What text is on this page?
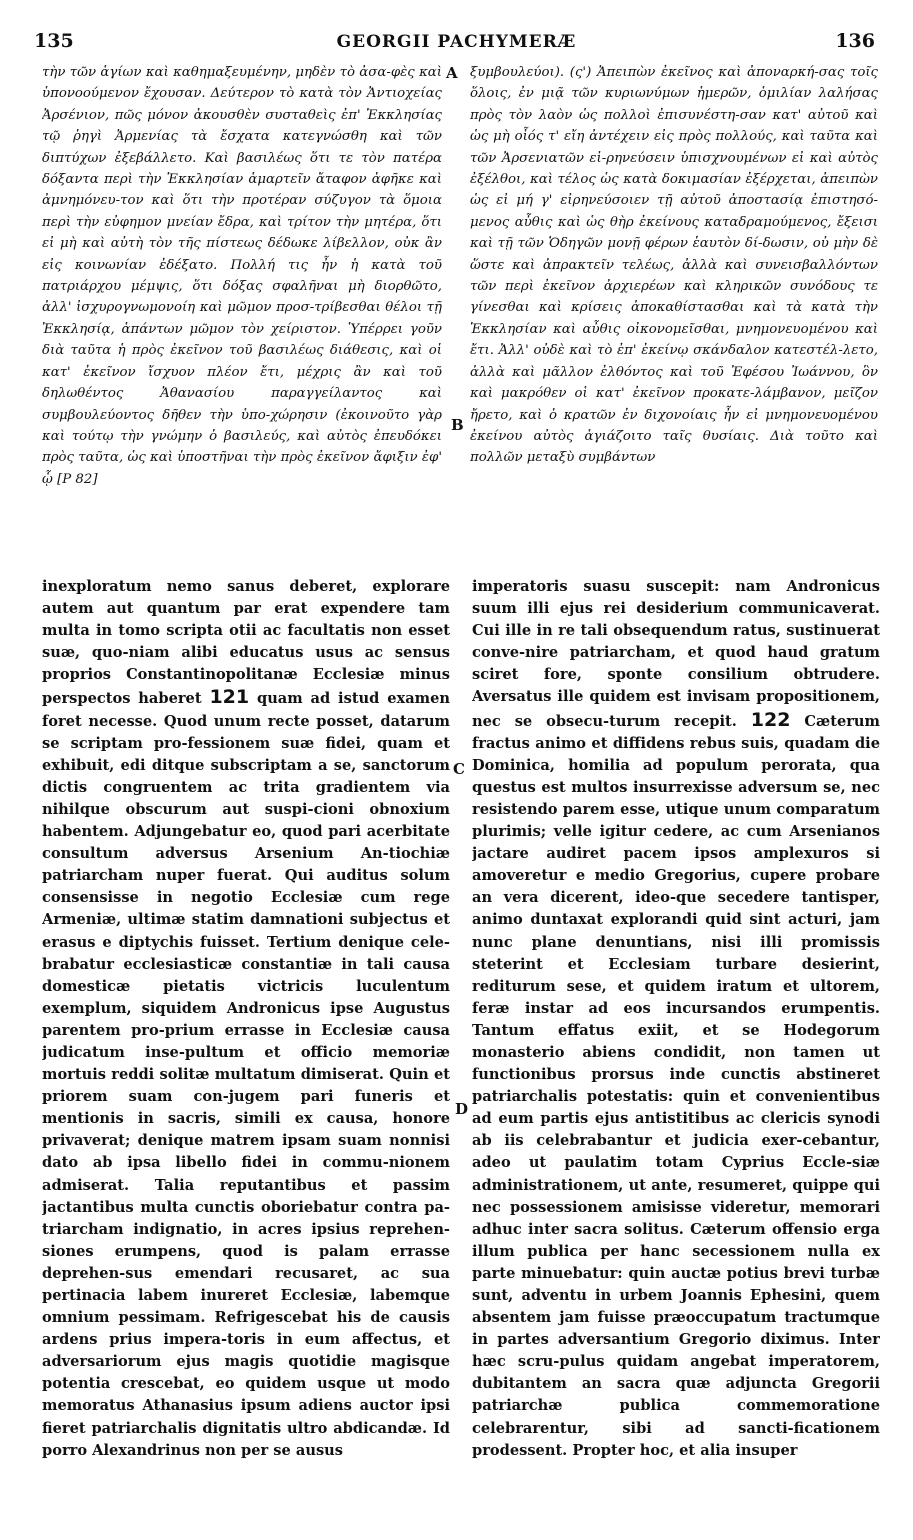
135	GEORGII PACHYMERÆ	136

τὴν τῶν ἁγίων καὶ καθημαξευμένην, μηδὲν τὸ ἀσα-φὲς καὶ ὑπονοούμενον ἔχουσαν. Δεύτερον τὸ κατὰ τὸν Ἀντιοχείας Ἀρσένιον, πῶς μόνον ἀκουσθὲν συσταθεὶς ἐπ' Ἐκκλησίας τῷ ῥηγὶ Ἀρμενίας τὰ ἔσχατα κατεγνώσθη καὶ τῶν διπτύχων ἐξεβάλλετο. Καὶ βασιλέως ὅτι τε τὸν πατέρα δόξαντα περὶ τὴν Ἐκκλησίαν ἁμαρτεῖν ἄταφον ἀφῆκε καὶ ἀμνημόνευ-τον καὶ ὅτι τὴν προτέραν σύζυγον τὰ ὅμοια περὶ τὴν εὐφημον μνείαν ἔδρα, καὶ τρίτον τὴν μητέρα, ὅτι εἰ μὴ καὶ αὐτὴ τὸν τῆς πίστεως δέδωκε λίβελλον, οὐκ ἂν εἰς κοινωνίαν ἐδέξατο. Πολλή τις ἦν ἡ κατὰ τοῦ πατριάρχου μέμψις, ὅτι δόξας σφαλῆναι μὴ διορθῶτο, ἀλλ' ἰσχυρογνωμονοίη καὶ μῶμον προσ-τρίβεσθαι θέλοι τῇ Ἐκκλησίᾳ, ἁπάντων μῶμον τὸν χείριστον. Ὑπέρρει γοῦν διὰ ταῦτα ἡ πρὸς ἐκεῖνον τοῦ βασιλέως διάθεσις, καὶ οἱ κατ' ἐκεῖνον ἴσχυον πλέον ἔτι, μέχρις ἂν καὶ τοῦ δηλωθέντος Ἀθανασίου παραγγείλαντος καὶ συμβουλεύοντος δῆθεν τὴν ὑπο-χώρησιν (ἐκοινοῦτο γὰρ καὶ τούτῳ τὴν γνώμην ὁ βασιλεύς, καὶ αὐτὸς ἐπευδόκει πρὸς ταῦτα, ὡς καὶ ὑποστῆναι τὴν πρὸς ἐκεῖνον ἄφιξιν ἐφ' ᾧ [P 82]

A
B

ξυμβουλεύοι). (ς') Ἀπειπὼν ἐκεῖνος καὶ ἀποναρκή-σας τοῖς ὅλοις, ἐν μιᾷ τῶν κυριωνύμων ἡμερῶν, ὁμιλίαν λαλήσας πρὸς τὸν λαὸν ὡς πολλοὶ ἐπισυνέστη-σαν κατ' αὐτοῦ καὶ ὡς μὴ οἷός τ' εἴη ἀντέχειν εἰς πρὸς πολλούς, καὶ ταῦτα καὶ τῶν Ἀρσενιατῶν εἰ-ρηνεύσειν ὑπισχνουμένων εἰ καὶ αὐτὸς ἐξέλθοι, καὶ τέλος ὡς κατὰ δοκιμασίαν ἐξέρχεται, ἀπειπὼν ὡς εἰ μή γ' εἰρηνεύσοιεν τῇ αὐτοῦ ἀποστασίᾳ ἐπιστησό-μενος αὖθις καὶ ὡς θὴρ ἐκείνους καταδραμούμενος, ἔξεισι καὶ τῇ τῶν Ὁδηγῶν μονῇ φέρων ἑαυτὸν δί-δωσιν, οὐ μὴν δὲ ὥστε καὶ ἀπρακτεῖν τελέως, ἀλλὰ καὶ συνεισβαλλόντων τῶν περὶ ἐκεῖνον ἀρχιερέων καὶ κληρικῶν συνόδους τε γίνεσθαι καὶ κρίσεις ἀποκαθίστασθαι καὶ τὰ κατὰ τὴν Ἐκκλησίαν καὶ αὖθις οἰκονομεῖσθαι, μνημονευομένου καὶ ἔτι. Ἀλλ' οὐδὲ καὶ τὸ ἐπ' ἐκείνῳ σκάνδαλον κατεστέλ-λετο, ἀλλὰ καὶ μᾶλλον ἐλθόντος καὶ τοῦ Ἐφέσου Ἰωάννου, ὃν καὶ μακρόθεν οἱ κατ' ἐκεῖνον προκατε-λάμβανον, μεῖζον ἤρετο, καὶ ὁ κρατῶν ἐν διχονοίαις ἦν εἰ μνημονευομένου ἐκείνου αὐτὸς ἁγιάζοιτο ταῖς θυσίαις. Διὰ τοῦτο καὶ πολλῶν μεταξὺ συμβάντων

inexploratum nemo sanus deberet, explorare autem aut quantum par erat expendere tam multa in tomo scripta otii ac facultatis non esset suæ, quo-niam alibi educatus usus ac sensus proprios Constantinopolitanæ Ecclesiæ minus perspectos haberet 121 quam ad istud examen foret necesse. Quod unum recte posset, datarum se scriptam pro-fessionem suæ fidei, quam et exhibuit, edi ditque subscriptam a se, sanctorum dictis congruentem ac trita gradientem via nihilque obscurum aut suspi-cioni obnoxium habentem. Adjungebatur eo, quod pari acerbitate consultum adversus Arsenium An-tiochiæ patriarcham nuper fuerat. Qui auditus solum consensisse in negotio Ecclesiæ cum rege Armeniæ, ultimæ statim damnationi subjectus et erasus e diptychis fuisset. Tertium denique cele-brabatur ecclesiasticæ constantiæ in tali causa domesticæ pietatis victricis luculentum exemplum, siquidem Andronicus ipse Augustus parentem pro-prium errasse in Ecclesiæ causa judicatum inse-pultum et officio memoriæ mortuis reddi solitæ multatum dimiserat. Quin et priorem suam con-jugem pari funeris et mentionis in sacris, simili ex causa, honore privaverat; denique matrem ipsam suam nonnisi dato ab ipsa libello fidei in commu-nionem admiserat. Talia reputantibus et passim jactantibus multa cunctis oboriebatur contra pa-triarcham indignatio, in acres ipsius reprehen-siones erumpens, quod is palam errasse deprehen-sus emendari recusaret, ac sua pertinacia labem inureret Ecclesiæ, labemque omnium pessimam. Refrigescebat his de causis ardens prius impera-toris in eum affectus, et adversariorum ejus magis quotidie magisque potentia crescebat, eo quidem usque ut modo memoratus Athanasius ipsum adiens auctor ipsi fieret patriarchalis dignitatis ultro abdicandæ. Id porro Alexandrinus non per se ausus

C
D

imperatoris suasu suscepit: nam Andronicus suum illi ejus rei desiderium communicaverat. Cui ille in re tali obsequendum ratus, sustinuerat conve-nire patriarcham, et quod haud gratum sciret fore, sponte consilium obtrudere. Aversatus ille quidem est invisam propositionem, nec se obsecu-turum recepit. 122 Cæterum fractus animo et diffidens rebus suis, quadam die Dominica, homilia ad populum perorata, qua questus est multos insurrexisse adversum se, nec resistendo parem esse, utique unum comparatum plurimis; velle igitur cedere, ac cum Arsenianos jactare audiret pacem ipsos amplexuros si amoveretur e medio Gregorius, cupere probare an vera dicerent, ideo-que secedere tantisper, animo duntaxat explorandi quid sint acturi, jam nunc plane denuntians, nisi illi promissis steterint et Ecclesiam turbare desierint, rediturum sese, et quidem iratum et ultorem, feræ instar ad eos incursandos erumpentis. Tantum effatus exiit, et se Hodegorum monasterio abiens condidit, non tamen ut functionibus prorsus inde cunctis abstineret patriarchalis potestatis: quin et convenientibus ad eum partis ejus antistitibus ac clericis synodi ab iis celebrabantur et judicia exer-cebantur, adeo ut paulatim totam Cyprius Eccle-siæ administrationem, ut ante, resumeret, quippe qui nec possessionem amisisse videretur, memorari adhuc inter sacra solitus. Cæterum offensio erga illum publica per hanc secessionem nulla ex parte minuebatur: quin auctæ potius brevi turbæ sunt, adventu in urbem Joannis Ephesini, quem absentem jam fuisse præoccupatum tractumque in partes adversantium Gregorio diximus. Inter hæc scru-pulus quidam angebat imperatorem, dubitantem an sacra quæ adjuncta Gregorii patriarchæ publica commemoratione celebrarentur, sibi ad sancti-ficationem prodessent. Propter hoc, et alia insuper
